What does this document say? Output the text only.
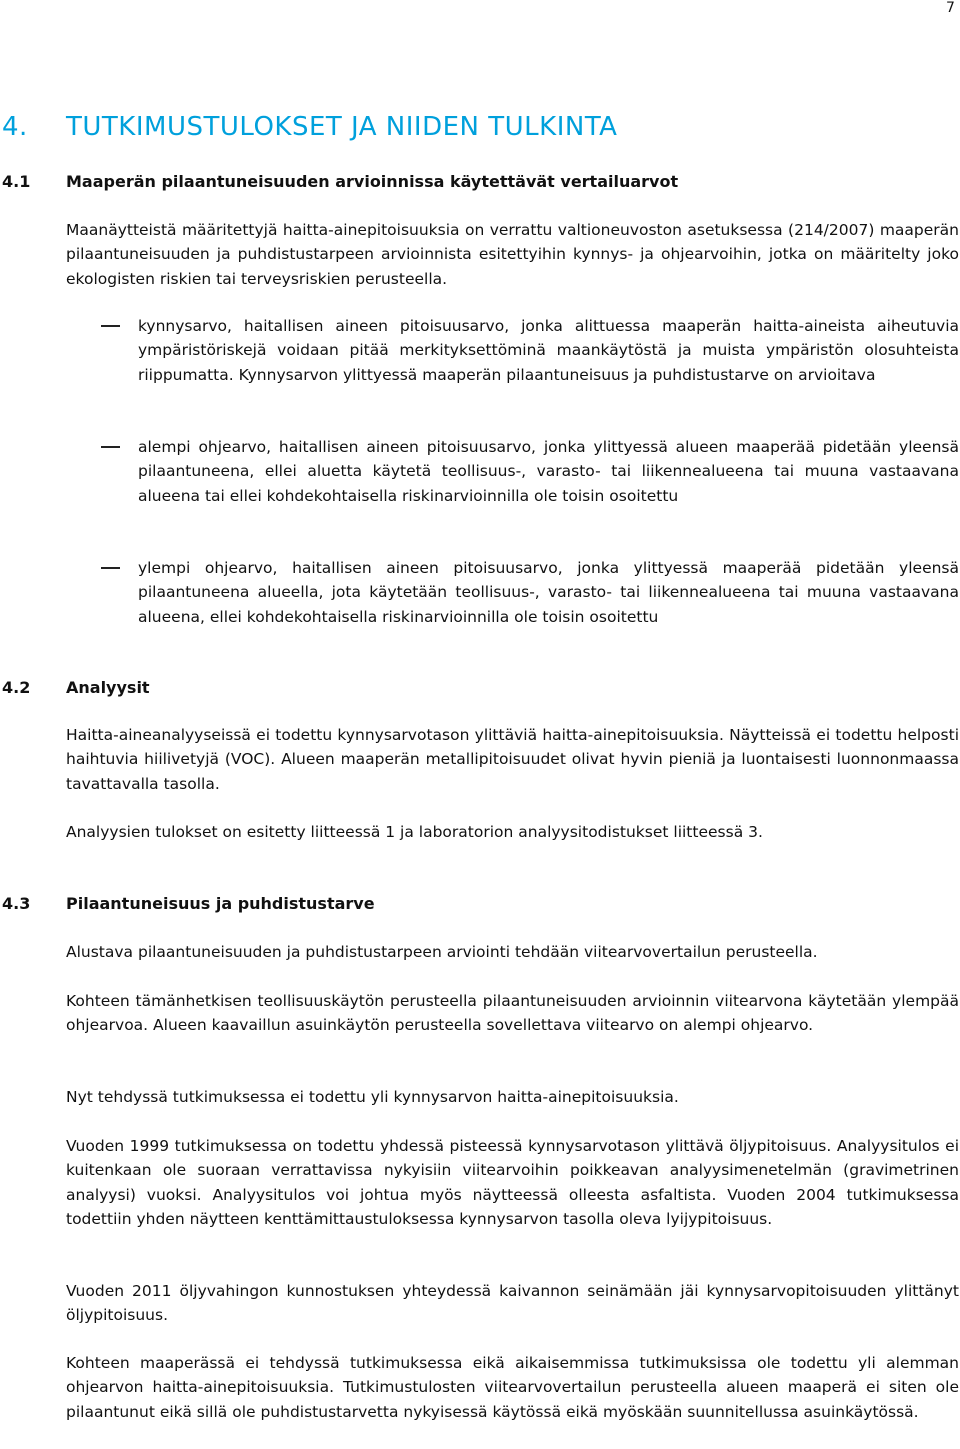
7
4. TUTKIMUSTULOKSET JA NIIDEN TULKINTA
4.1 Maaperän pilaantuneisuuden arvioinnissa käytettävät vertailuarvot

Maanäytteistä määritettyjä haitta-ainepitoisuuksia on verrattu valtioneuvoston asetuksessa (214/2007) maaperän pilaantuneisuuden ja puhdistustarpeen arvioinnista esitettyihin kynnys- ja ohjearvoihin, jotka on määritelty joko ekologisten riskien tai terveysriskien perusteella.

kynnysarvo, haitallisen aineen pitoisuusarvo, jonka alittuessa maaperän haitta-aineista aiheutuvia ympäristöriskejä voidaan pitää merkityksettöminä maankäytöstä ja muista ympäristön olosuhteista riippumatta. Kynnysarvon ylittyessä maaperän pilaantuneisuus ja puhdistustarve on arvioitava
alempi ohjearvo, haitallisen aineen pitoisuusarvo, jonka ylittyessä alueen maaperää pidetään yleensä pilaantuneena, ellei aluetta käytetä teollisuus-, varasto- tai liikennealueena tai muuna vastaavana alueena tai ellei kohdekohtaisella riskinarvioinnilla ole toisin osoitettu
ylempi ohjearvo, haitallisen aineen pitoisuusarvo, jonka ylittyessä maaperää pidetään yleensä pilaantuneena alueella, jota käytetään teollisuus-, varasto- tai liikennealueena tai muuna vastaavana alueena, ellei kohdekohtaisella riskinarvioinnilla ole toisin osoitettu
4.2 Analyysit

Haitta-aineanalyyseissä ei todettu kynnysarvotason ylittäviä haitta-ainepitoisuuksia. Näytteissä ei todettu helposti haihtuvia hiilivetyjä (VOC). Alueen maaperän metallipitoisuudet olivat hyvin pieniä ja luontaisesti luonnonmaassa tavattavalla tasolla.

Analyysien tulokset on esitetty liitteessä 1 ja laboratorion analyysitodistukset liitteessä 3.

4.3 Pilaantuneisuus ja puhdistustarve

Alustava pilaantuneisuuden ja puhdistustarpeen arviointi tehdään viitearvovertailun perusteella.

Kohteen tämänhetkisen teollisuuskäytön perusteella pilaantuneisuuden arvioinnin viitearvona käytetään ylempää ohjearvoa. Alueen kaavaillun asuinkäytön perusteella sovellettava viitearvo on alempi ohjearvo.

Nyt tehdyssä tutkimuksessa ei todettu yli kynnysarvon haitta-ainepitoisuuksia.

Vuoden 1999 tutkimuksessa on todettu yhdessä pisteessä kynnysarvotason ylittävä öljypitoisuus. Analyysitulos ei kuitenkaan ole suoraan verrattavissa nykyisiin viitearvoihin poikkeavan analyysimenetelmän (gravimetrinen analyysi) vuoksi. Analyysitulos voi johtua myös näytteessä olleesta asfaltista. Vuoden 2004 tutkimuksessa todettiin yhden näytteen kenttämittaustuloksessa kynnysarvon tasolla oleva lyijypitoisuus.

Vuoden 2011 öljyvahingon kunnostuksen yhteydessä kaivannon seinämään jäi kynnysarvopitoisuuden ylittänyt öljypitoisuus.

Kohteen maaperässä ei tehdyssä tutkimuksessa eikä aikaisemmissa tutkimuksissa ole todettu yli alemman ohjearvon haitta-ainepitoisuuksia. Tutkimustulosten viitearvovertailun perusteella alueen maaperä ei siten ole pilaantunut eikä sillä ole puhdistustarvetta nykyisessä käytössä eikä myöskään suunnitellussa asuinkäytössä.
